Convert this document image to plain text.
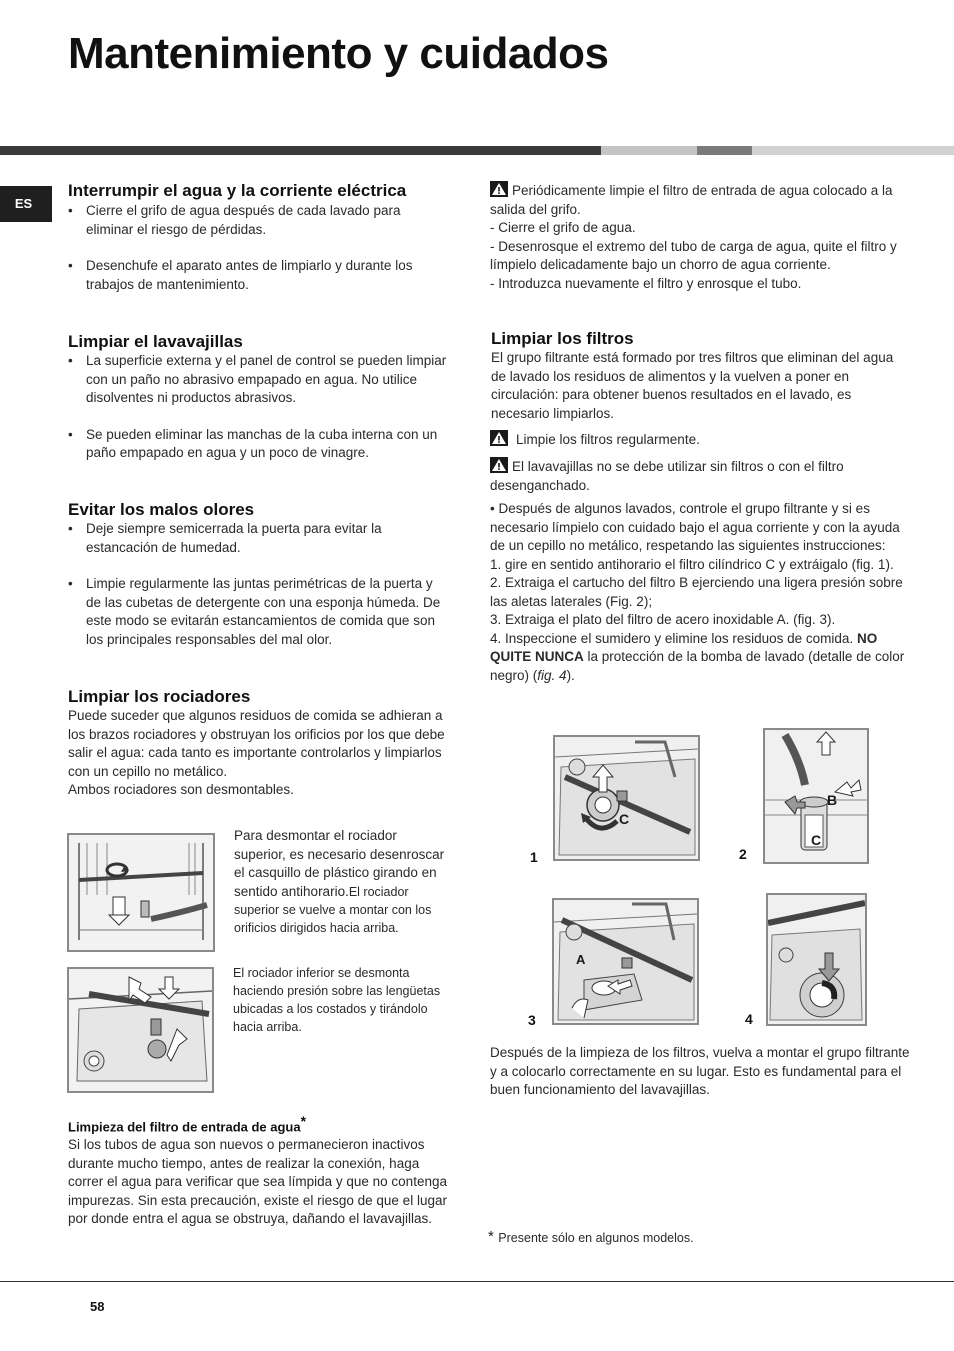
Mantenimiento y cuidados
ES
Interrumpir el agua y la corriente eléctrica
• Cierre el grifo de agua después de cada lavado para eliminar el riesgo de pérdidas.
• Desenchufe el aparato antes de limpiarlo y durante los trabajos de mantenimiento.
Limpiar el lavavajillas
• La superficie externa y el panel de control se pueden limpiar con un paño no abrasivo empapado en agua. No utilice disolventes ni productos abrasivos.
• Se pueden eliminar las manchas de la cuba interna con un paño empapado en agua y un poco de vinagre.
Evitar los malos olores
• Deje siempre semicerrada la puerta para evitar la estancación de humedad.
• Limpie regularmente las juntas perimétricas de la puerta y de las cubetas de detergente con una esponja húmeda. De este modo se evitarán estancamientos de comida que son los principales responsables del mal olor.
Limpiar los rociadores

Puede suceder que algunos residuos de comida se adhieran a los brazos rociadores y obstruyan los orificios por los que debe salir el agua: cada tanto es importante controlarlos y limpiarlos con un cepillo no metálico.

Ambos rociadores son desmontables.

Para desmontar el rociador superior, es necesario desenroscar el casquillo de plástico girando en sentido antihorario.El rociador superior se vuelve a montar con los orificios dirigidos hacia arriba.

El rociador inferior se desmonta haciendo presión sobre las lengüetas ubicadas a los costados y tirándolo hacia arriba.

Limpieza del filtro de entrada de agua*

Si los tubos de agua son nuevos o permanecieron inactivos durante mucho tiempo, antes de realizar la conexión, haga correr el agua para verificar que sea límpida y que no contenga impurezas. Sin esta precaución, existe el riesgo de que el lugar por donde entra el agua se obstruya, dañando el lavavajillas.

Periódicamente limpie el filtro de entrada de agua colocado a la salida del grifo.

- Cierre el grifo de agua.

- Desenrosque el extremo del tubo de carga de agua, quite el filtro y límpielo delicadamente bajo un chorro de agua corriente.

- Introduzca nuevamente el filtro y enrosque el tubo.

Limpiar los filtros

El grupo filtrante está formado por tres filtros que eliminan del agua de lavado los residuos de alimentos y la vuelven a poner en circulación: para obtener buenos resultados en el lavado, es necesario limpiarlos.

Limpie los filtros regularmente.

El lavavajillas no se debe utilizar sin filtros o con el filtro desenganchado.

• Después de algunos lavados, controle el grupo filtrante y si es necesario límpielo con cuidado bajo el agua corriente y con la ayuda de un cepillo no metálico, respetando las siguientes instrucciones:

1. gire en sentido antihorario el filtro cilíndrico C y extráigalo (fig. 1).

2. Extraiga el cartucho del filtro B ejerciendo una ligera presión sobre las aletas laterales (Fig. 2);

3. Extraiga el plato del filtro de acero inoxidable A. (fig. 3).

4. Inspeccione el sumidero y elimine los residuos de comida. NO QUITE NUNCA la protección de la bomba de lavado (detalle de color negro) (fig. 4).

C
1
B
C
2
A
3	4

Después de la limpieza de los filtros, vuelva a montar el grupo filtrante y a colocarlo correctamente en su lugar. Esto es fundamental para el buen funcionamiento del lavavajillas.

* Presente sólo en algunos modelos.
58
